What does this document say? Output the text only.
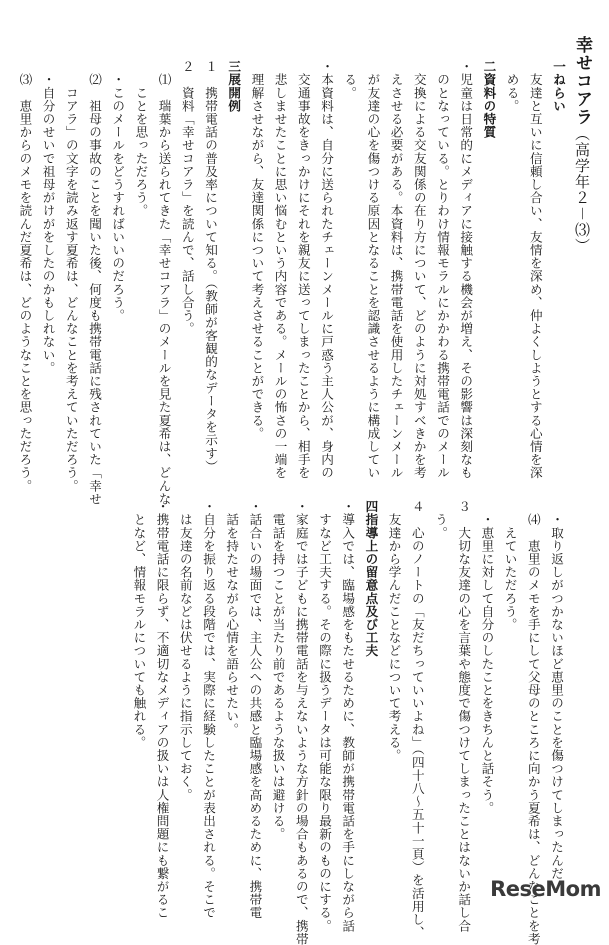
幸せコアラ（高学年２－⑶）
一ねらい
　友達と互いに信頼し合い、友情を深め、仲よくしようとする心情を深
　める。
二資料の特質
・児童は日常的にメディアに接触する機会が増え、その影響は深刻なも
　のとなっている。とりわけ情報モラルにかかわる携帯電話でのメール
　交換による交友関係の在り方について、どのように対処すべきかを考
　えさせる必要がある。本資料は、携帯電話を使用したチェーンメール
　が友達の心を傷つける原因となることを認識させるように構成してい
　る。
・本資料は、自分に送られたチェーンメールに戸惑う主人公が、身内の
　交通事故をきっかけにそれを親友に送ってしまったことから、相手を
　悲しませたことに思い悩むという内容である。メールの怖さの一端を
　理解させながら、友達関係について考えさせることができる。
三展開例
１　携帯電話の普及率について知る。（教師が客観的なデータを示す）
２　資料「幸せコアラ」を読んで、話し合う。
　⑴　瑞葉から送られてきた「幸せコアラ」のメールを見た夏希は、どんな
　　ことを思っただろう。
　・このメールをどうすればいいのだろう。
　⑵　祖母の事故のことを聞いた後、何度も携帯電話に残されていた「幸せ
　　コアラ」の文字を読み返す夏希は、どんなことを考えていただろう。
　・自分のせいで祖母がけがをしたのかもしれない。
　⑶　恵里からのメモを読んだ夏希は、どのようなことを思っただろう。
　・取り返しがつかないほど恵里のことを傷つけてしまったんだ。
　⑷　恵里のメモを手にして父母のところに向かう夏希は、どんなことを考
　　えていただろう。
　・恵里に対して自分のしたことをきちんと話そう。
３　大切な友達の心を言葉や態度で傷つけてしまったことはないか話し合
　う。
４　心のノートの「友だちっていいよね」（四十八～五十一頁）を活用し、
　友達から学んだことなどについて考える。
四指導上の留意点及び工夫
・導入では、臨場感をもたせるために、教師が携帯電話を手にしながら話
　すなど工夫する。その際に扱うデータは可能な限り最新のものにする。
・家庭では子どもに携帯電話を与えないような方針の場合もあるので、携帯
　電話を持つことが当たり前であるような扱いは避ける。
・話合いの場面では、主人公への共感と臨場感を高めるために、携帯電
　話を持たせながら心情を語らせたい。
・自分を振り返る段階では、実際に経験したことが表出される。そこで
　は友達の名前などは伏せるように指示しておく。
・携帯電話に限らず、不適切なメディアの扱いは人権問題にも繋がるこ
　となど、情報モラルについても触れる。
ReseMom
